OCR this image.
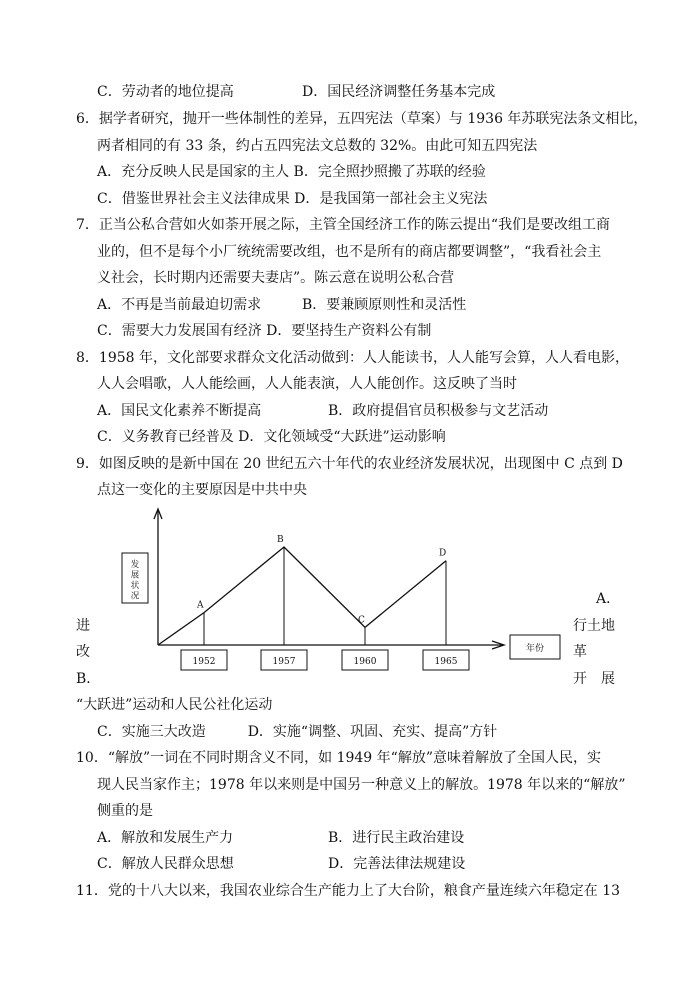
C．劳动者的地位提高	D．国民经济调整任务基本完成
6．据学者研究，抛开一些体制性的差异，五四宪法（草案）与 1936 年苏联宪法条文相比，
两者相同的有 33 条，约占五四宪法文总数的 32%。由此可知五四宪法
A．充分反映人民是国家的主人 B．完全照抄照搬了苏联的经验
C．借鉴世界社会主义法律成果 D．是我国第一部社会主义宪法
7．正当公私合营如火如荼开展之际，主管全国经济工作的陈云提出“我们是要改组工商
业的，但不是每个小厂统统需要改组，也不是所有的商店都要调整”，“我看社会主
义社会，长时期内还需要夫妻店”。陈云意在说明公私合营
A．不再是当前最迫切需求	B．要兼顾原则性和灵活性
C．需要大力发展国有经济 D．要坚持生产资料公有制
8．1958 年，文化部要求群众文化活动做到：人人能读书，人人能写会算，人人看电影，
人人会唱歌，人人能绘画，人人能表演，人人能创作。这反映了当时
A．国民文化素养不断提高	B．政府提倡官员积极参与文艺活动
C．义务教育已经普及 D．文化领域受“大跃进”运动影响
9．如图反映的是新中国在 20 世纪五六十年代的农业经济发展状况，出现图中 C 点到 D
点这一变化的主要原因是中共中央
发展状况
A
B
C
D
1952	1957	1960	1965
年份
A．
进	行土地
改	革
B．	开　展
“大跃进”运动和人民公社化运动
C．实施三大改造　　　D．实施“调整、巩固、充实、提高”方针
10．“解放”一词在不同时期含义不同，如 1949 年“解放”意味着解放了全国人民，实
现人民当家作主；1978 年以来则是中国另一种意义上的解放。1978 年以来的“解放”
侧重的是
A．解放和发展生产力	B．进行民主政治建设
C．解放人民群众思想	D．完善法律法规建设
11．党的十八大以来，我国农业综合生产能力上了大台阶，粮食产量连续六年稳定在 13
